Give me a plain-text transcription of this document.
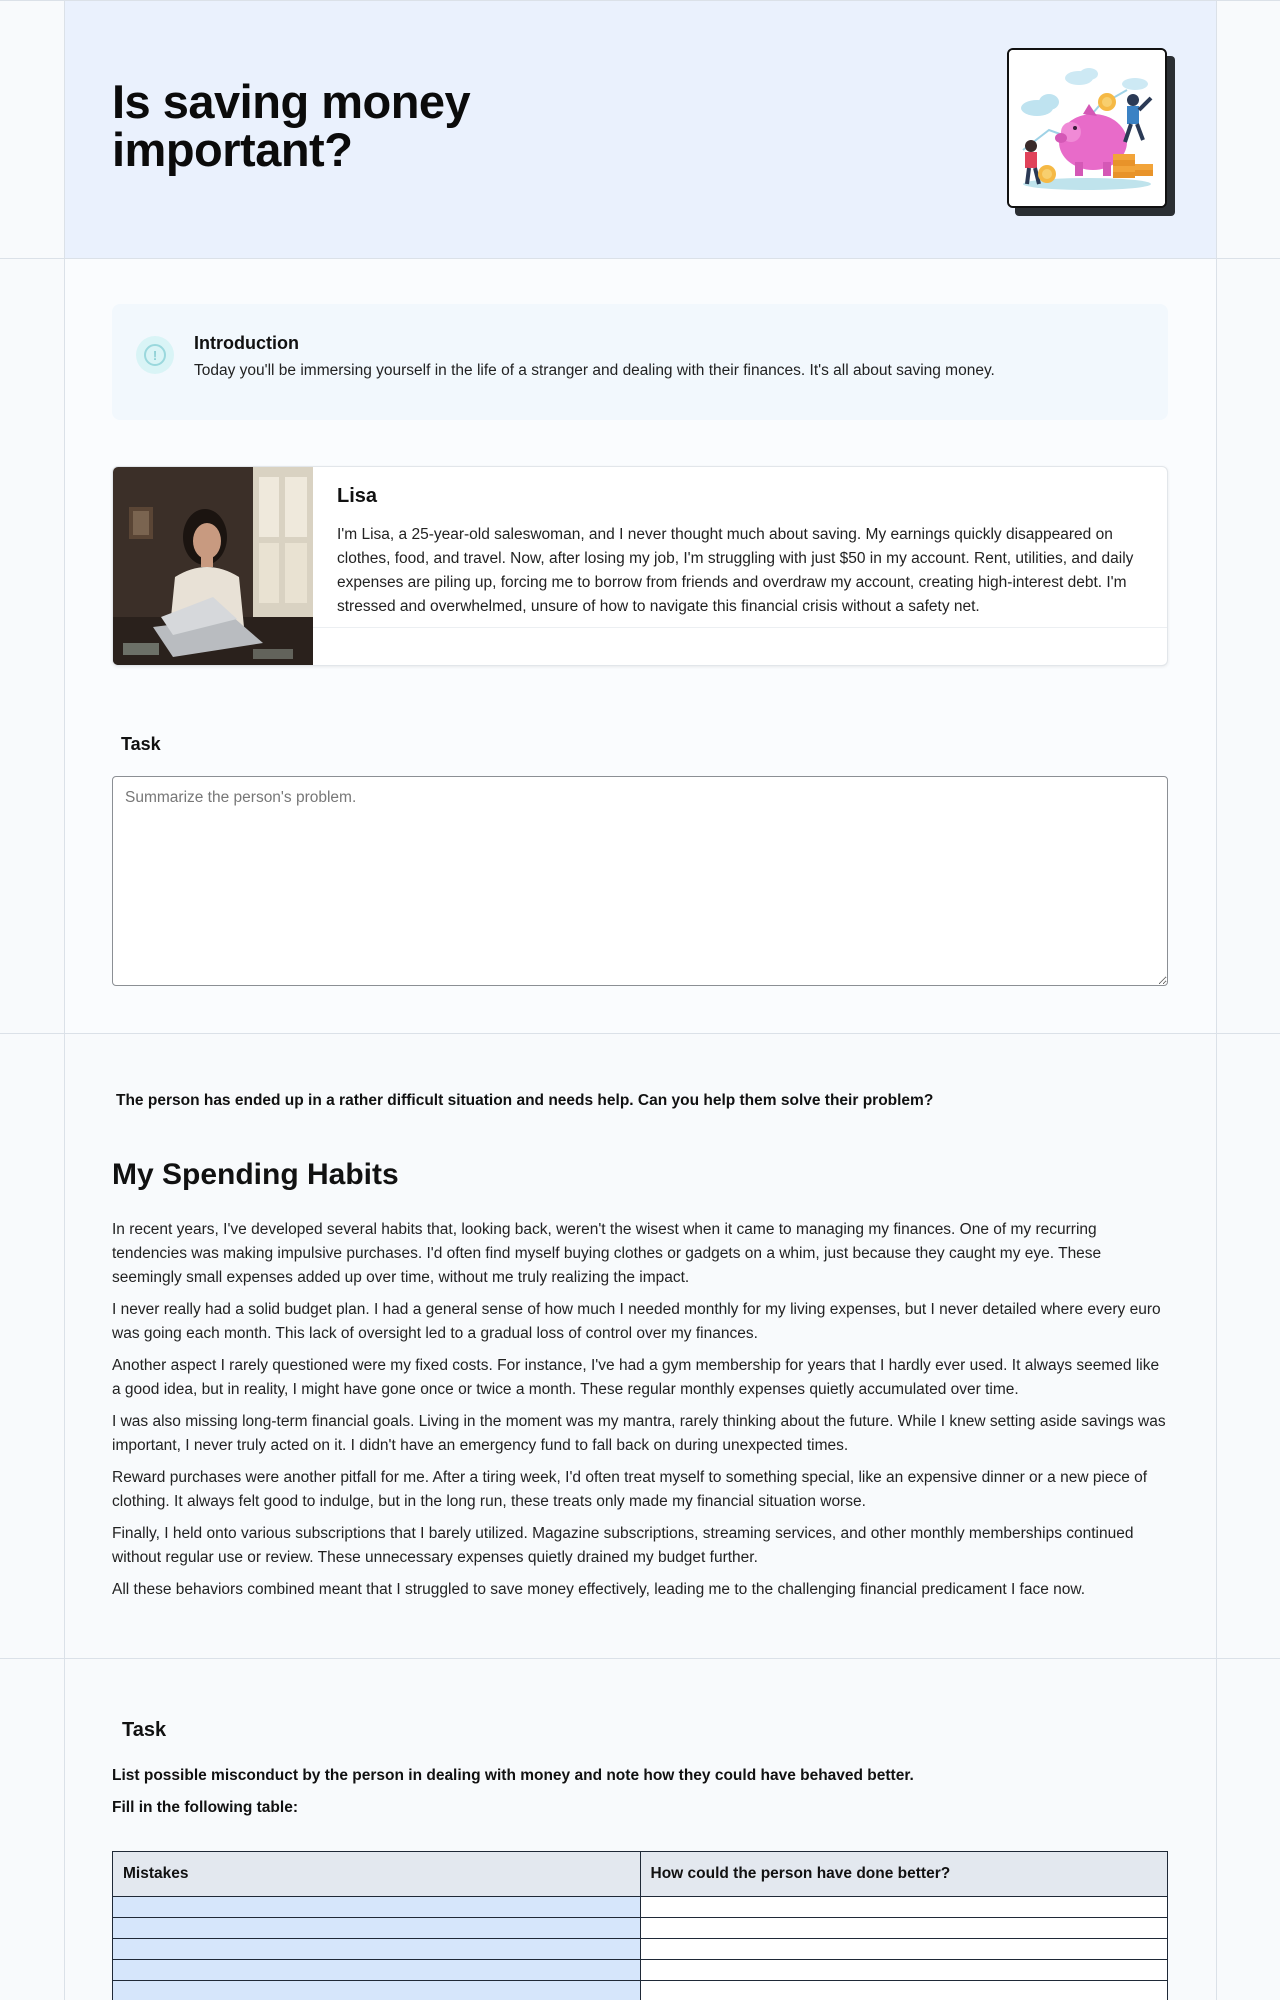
Is saving money important?
!
Introduction
Today you'll be immersing yourself in the life of a stranger and dealing with their finances. It's all about saving money.
Lisa
I'm Lisa, a 25-year-old saleswoman, and I never thought much about saving. My earnings quickly disappeared on clothes, food, and travel. Now, after losing my job, I'm struggling with just $50 in my account. Rent, utilities, and daily expenses are piling up, forcing me to borrow from friends and overdraw my account, creating high-interest debt. I'm stressed and overwhelmed, unsure of how to navigate this financial crisis without a safety net.
Task
Summarize the person's problem.
The person has ended up in a rather difficult situation and needs help. Can you help them solve their problem?
My Spending Habits

In recent years, I've developed several habits that, looking back, weren't the wisest when it came to managing my finances. One of my recurring tendencies was making impulsive purchases. I'd often find myself buying clothes or gadgets on a whim, just because they caught my eye. These seemingly small expenses added up over time, without me truly realizing the impact.

I never really had a solid budget plan. I had a general sense of how much I needed monthly for my living expenses, but I never detailed where every euro was going each month. This lack of oversight led to a gradual loss of control over my finances.

Another aspect I rarely questioned were my fixed costs. For instance, I've had a gym membership for years that I hardly ever used. It always seemed like a good idea, but in reality, I might have gone once or twice a month. These regular monthly expenses quietly accumulated over time.

I was also missing long-term financial goals. Living in the moment was my mantra, rarely thinking about the future. While I knew setting aside savings was important, I never truly acted on it. I didn't have an emergency fund to fall back on during unexpected times.

Reward purchases were another pitfall for me. After a tiring week, I'd often treat myself to something special, like an expensive dinner or a new piece of clothing. It always felt good to indulge, but in the long run, these treats only made my financial situation worse.

Finally, I held onto various subscriptions that I barely utilized. Magazine subscriptions, streaming services, and other monthly memberships continued without regular use or review. These unnecessary expenses quietly drained my budget further.

All these behaviors combined meant that I struggled to save money effectively, leading me to the challenging financial predicament I face now.

Task
List possible misconduct by the person in dealing with money and note how they could have behaved better.
Fill in the following table:
Mistakes	How could the person have done better?
